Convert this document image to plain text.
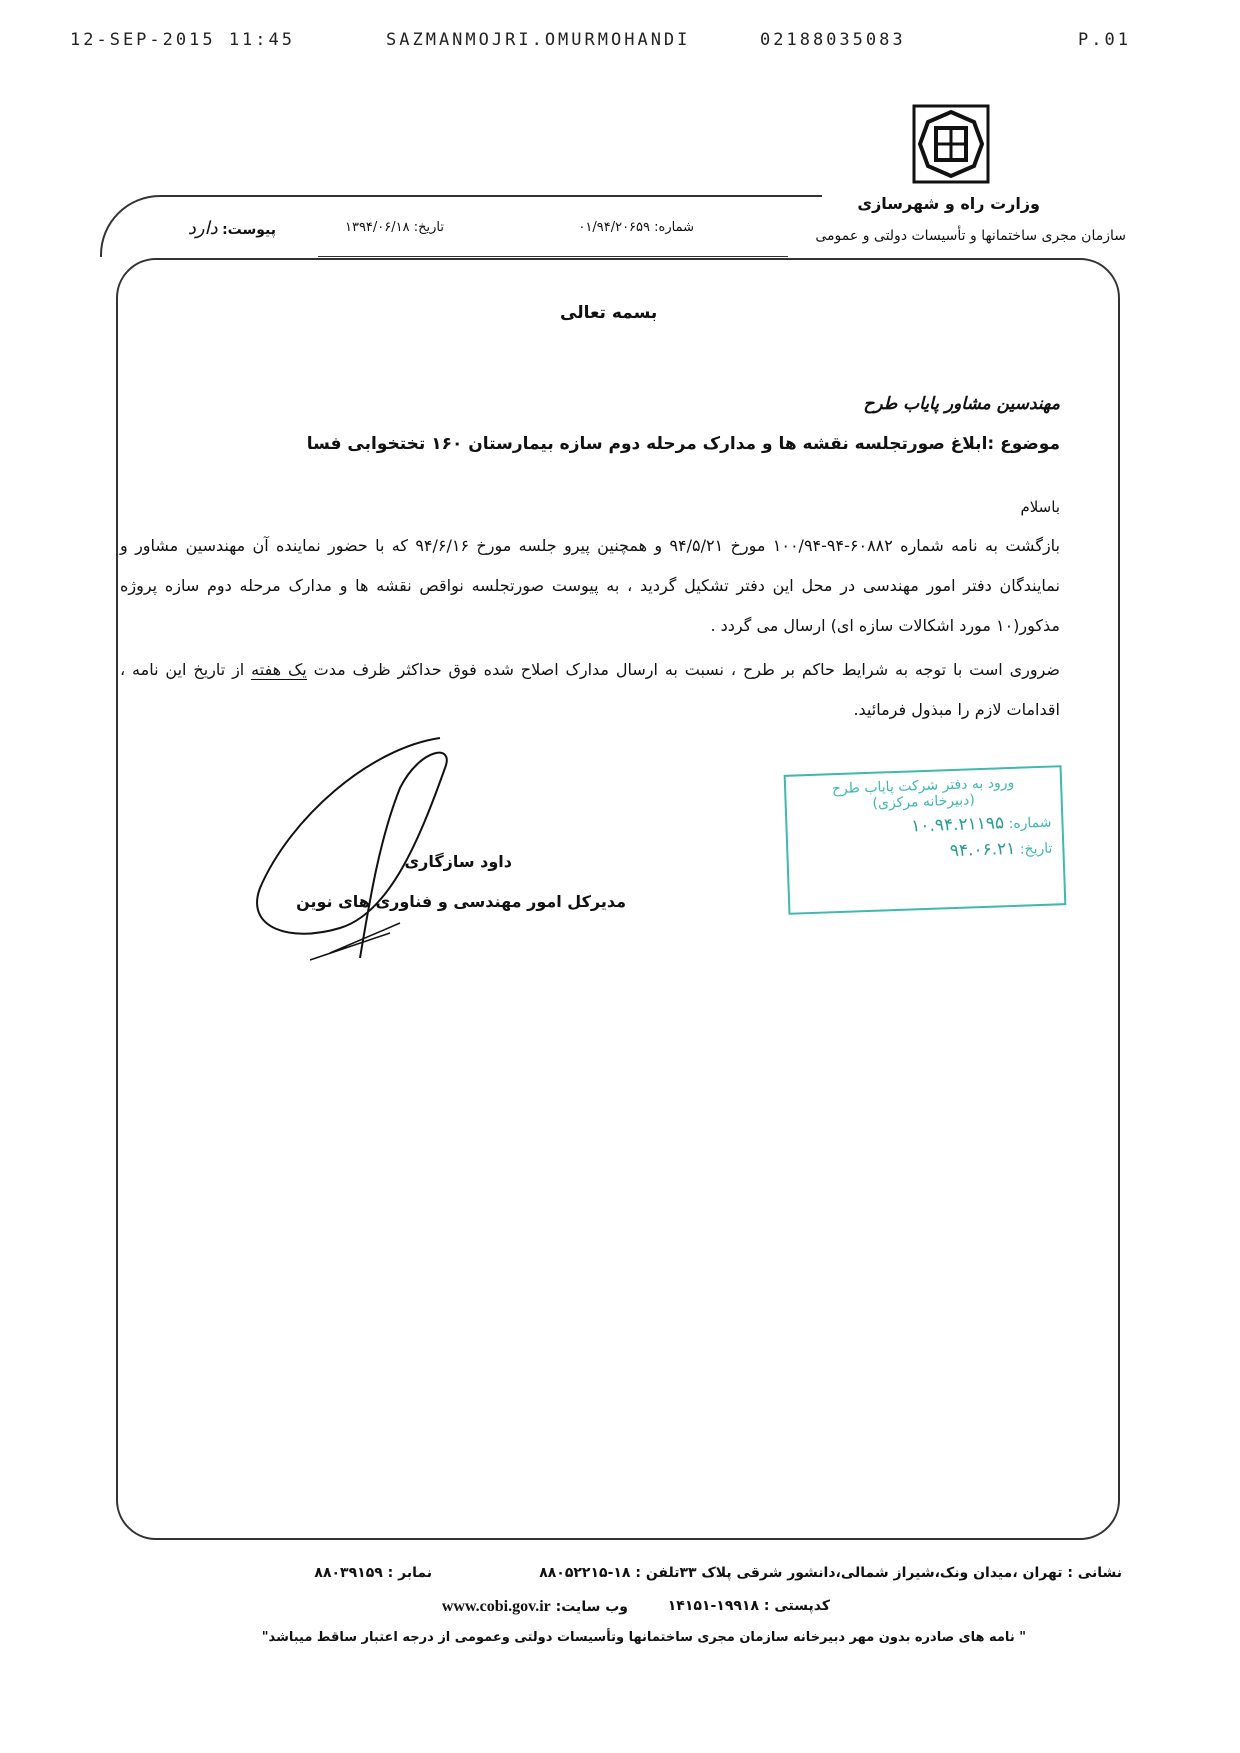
12-SEP-2015 11:45	SAZMANMOJRI.OMURMOHANDI	02188035083	P.01
وزارت راه و شهرسازی
سازمان مجری ساختمانها و تأسیسات دولتی و عمومی
شماره: ۰۱/۹۴/۲۰۶۵۹
تاریخ: ۱۳۹۴/۰۶/۱۸
پیوست: دارد
بسمه تعالی
مهندسین مشاور پایاب طرح
موضوع :ابلاغ صورتجلسه نقشه ها و مدارک مرحله دوم سازه بیمارستان ۱۶۰ تختخوابی فسا
باسلام
بازگشت به نامه شماره ۶۰۸۸۲-۹۴-۱۰۰/۹۴ مورخ ۹۴/۵/۲۱ و همچنین پیرو جلسه مورخ ۹۴/۶/۱۶ که با حضور نماینده آن مهندسین مشاور و نمایندگان دفتر امور مهندسی در محل این دفتر تشکیل گردید ، به پیوست صورتجلسه نواقص نقشه ها و مدارک مرحله دوم سازه پروژه مذکور(۱۰ مورد اشکالات سازه ای) ارسال می گردد .
ضروری است با توجه به شرایط حاکم بر طرح ، نسبت به ارسال مدارک اصلاح شده فوق حداکثر ظرف مدت یک هفته از تاریخ این نامه ، اقدامات لازم را مبذول فرمائید.
داود سازگاری
مدیرکل امور مهندسی و فناوری های نوین
ورود به دفتر شرکت پایاب طرح
(دبیرخانه مرکزی)
شماره: ۱۰.۹۴.۲۱۱۹۵
تاریخ: ۹۴.۰۶.۲۱
نشانی : تهران ،میدان ونک،شیراز شمالی،دانشور شرقی پلاک ۳۳تلفن : ۱۸-۸۸۰۵۲۲۱۵
نمابر : ۸۸۰۳۹۱۵۹
کدپستی : ۱۹۹۱۸-۱۴۱۵۱
وب سایت: www.cobi.gov.ir
" نامه های صادره بدون مهر دبیرخانه سازمان مجری ساختمانها وتأسیسات دولتی وعمومی از درجه اعتبار ساقط میباشد"
